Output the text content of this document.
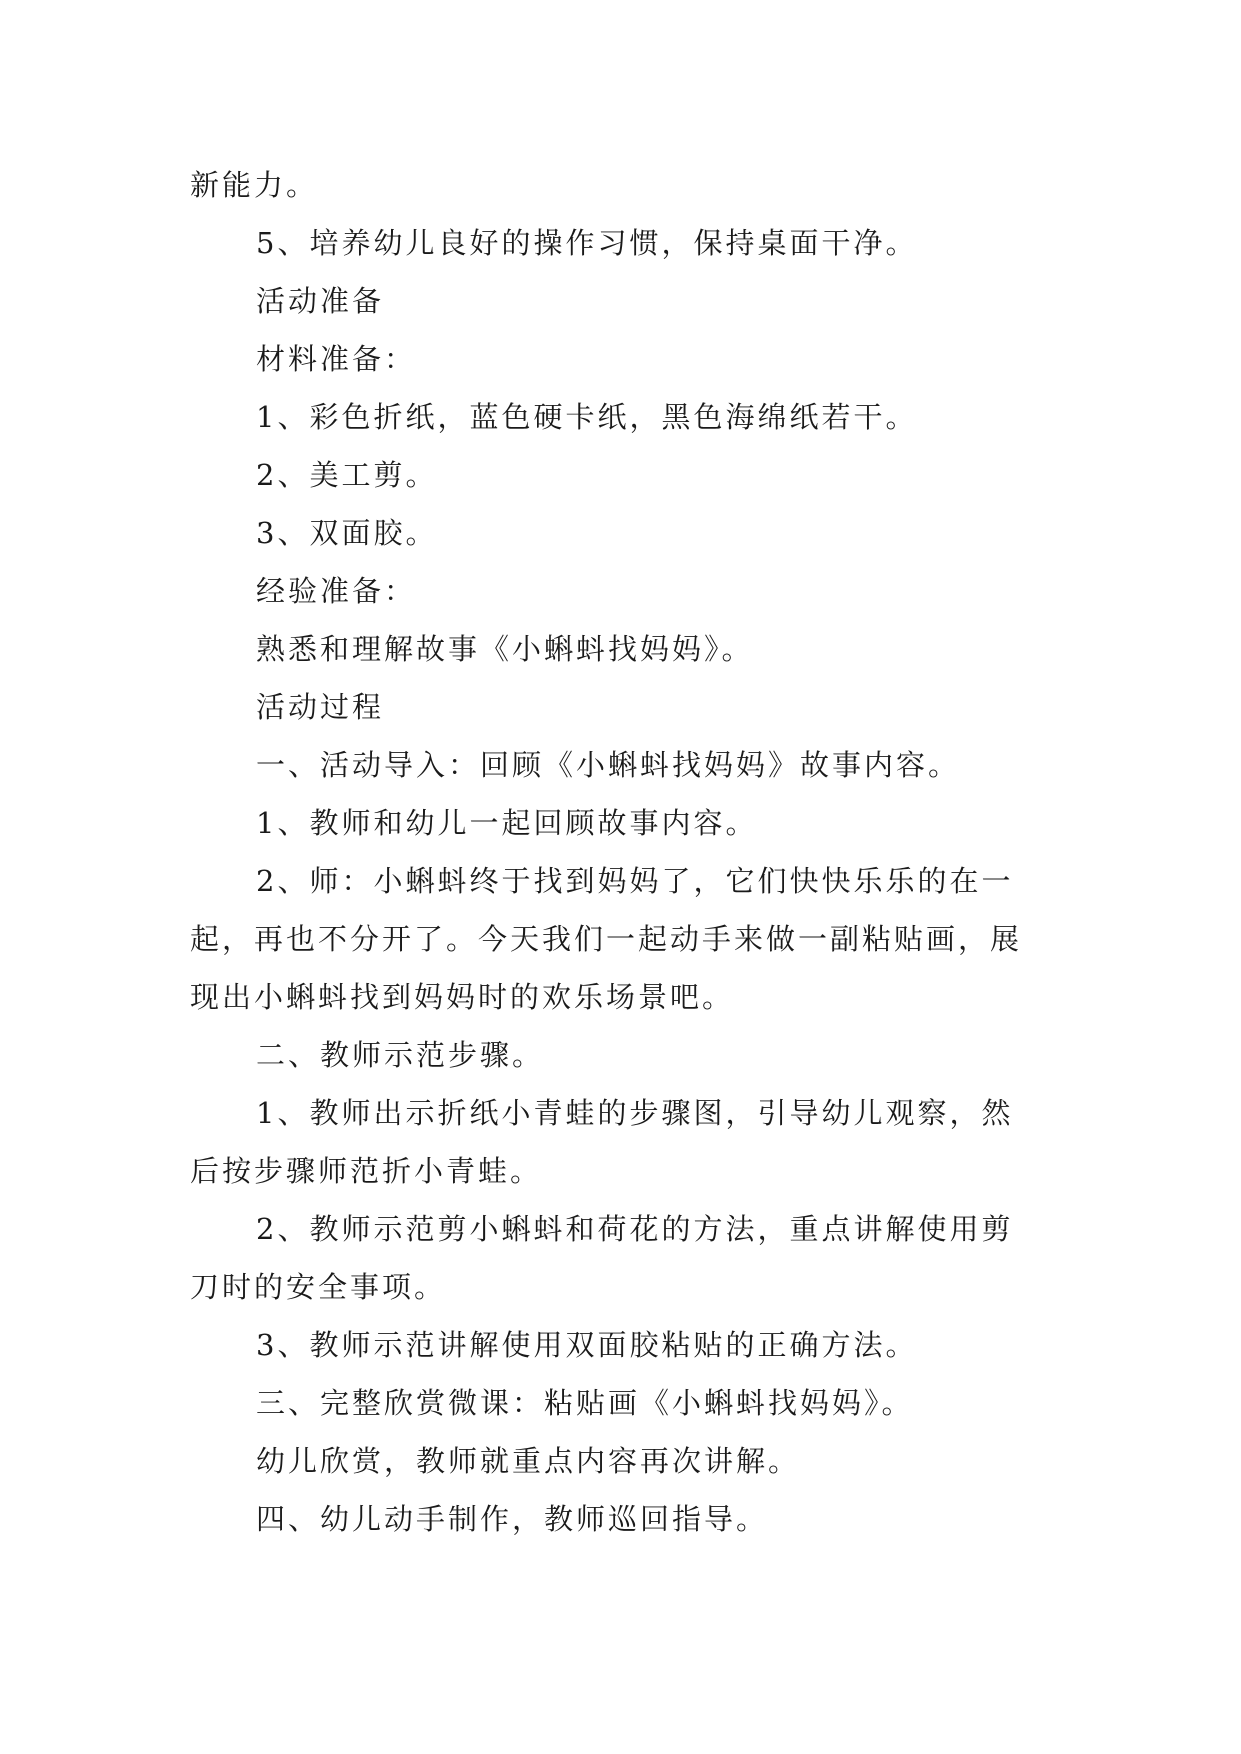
新能力。

5、培养幼儿良好的操作习惯，保持桌面干净。

活动准备

材料准备：

1、彩色折纸，蓝色硬卡纸，黑色海绵纸若干。

2、美工剪。

3、双面胶。

经验准备：

熟悉和理解故事《小蝌蚪找妈妈》。

活动过程

一、活动导入：回顾《小蝌蚪找妈妈》故事内容。

1、教师和幼儿一起回顾故事内容。

2、师：小蝌蚪终于找到妈妈了，它们快快乐乐的在一

起，再也不分开了。今天我们一起动手来做一副粘贴画，展

现出小蝌蚪找到妈妈时的欢乐场景吧。

二、教师示范步骤。

1、教师出示折纸小青蛙的步骤图，引导幼儿观察，然

后按步骤师范折小青蛙。

2、教师示范剪小蝌蚪和荷花的方法，重点讲解使用剪

刀时的安全事项。

3、教师示范讲解使用双面胶粘贴的正确方法。

三、完整欣赏微课：粘贴画《小蝌蚪找妈妈》。

幼儿欣赏，教师就重点内容再次讲解。

四、幼儿动手制作，教师巡回指导。
